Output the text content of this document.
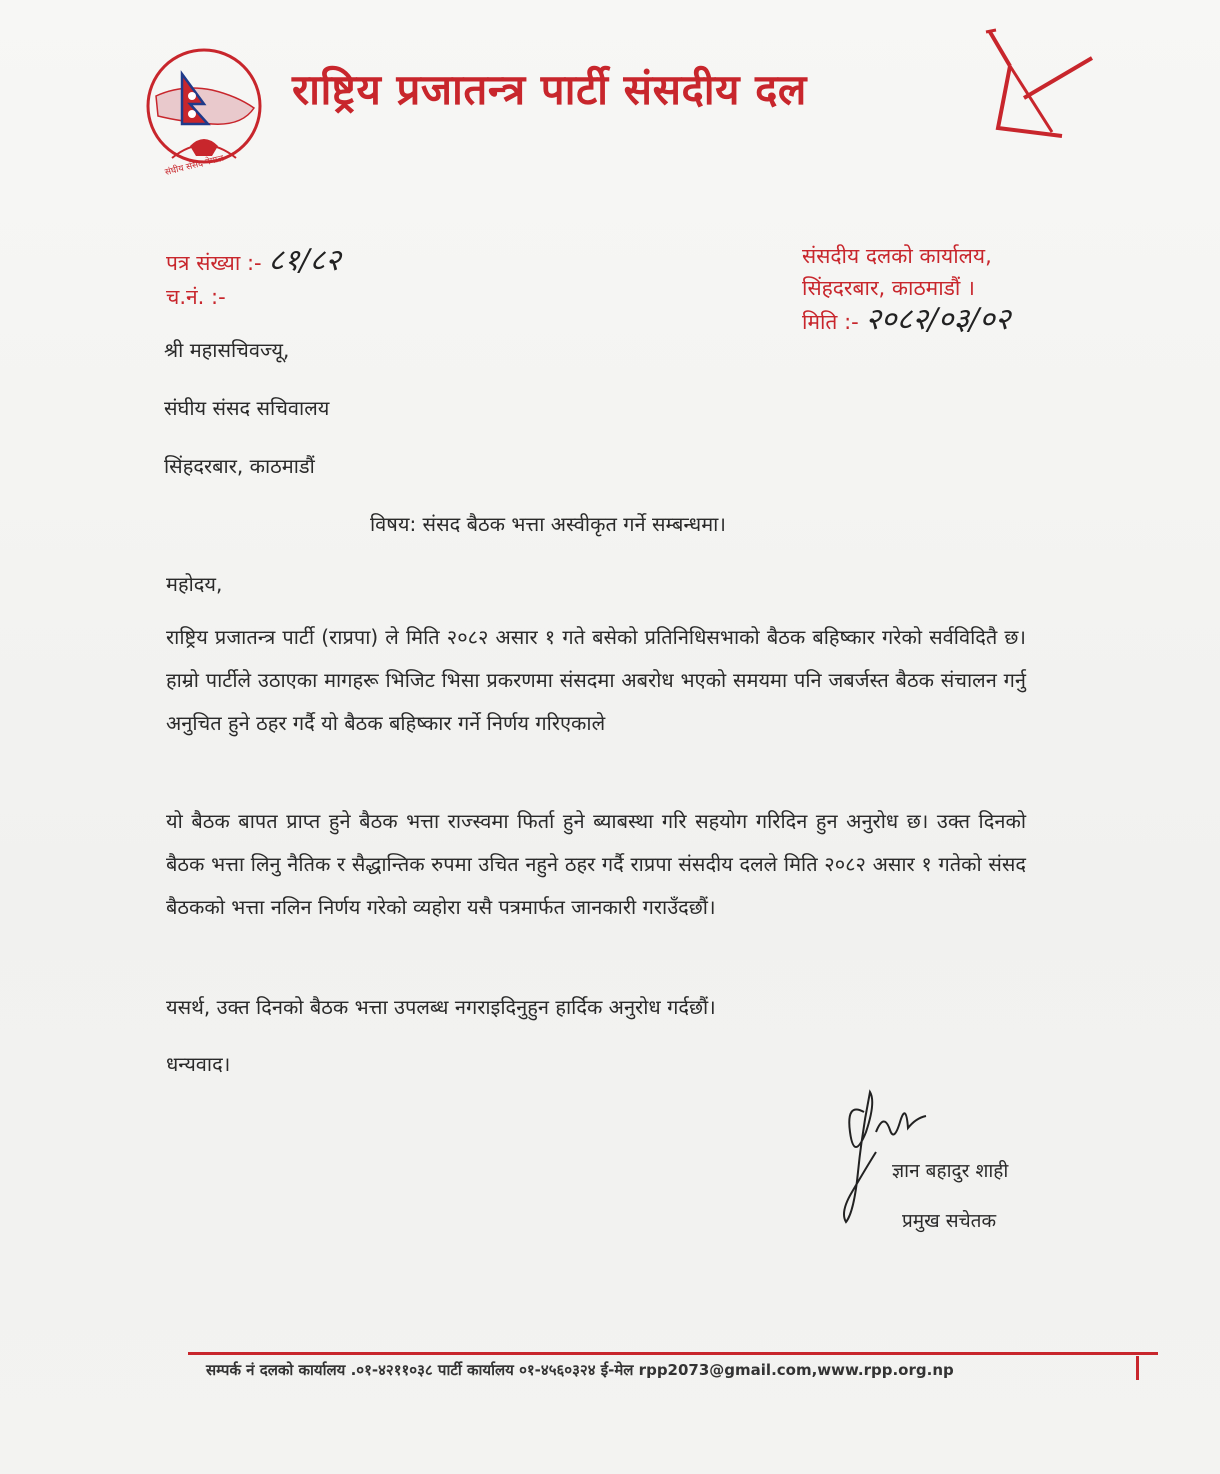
संघीय संसद नेपाल
राष्ट्रिय प्रजातन्त्र पार्टी संसदीय दल
पत्र संख्या :- ८१/८२
च.नं. :-
संसदीय दलको कार्यालय,
सिंहदरबार, काठमाडौं ।
मिति :- २०८२/०३/०२
श्री महासचिवज्यू,
संघीय संसद सचिवालय
सिंहदरबार, काठमाडौं
विषय: संसद बैठक भत्ता अस्वीकृत गर्ने सम्बन्धमा।
महोदय,
राष्ट्रिय प्रजातन्त्र पार्टी (राप्रपा) ले मिति २०८२ असार १ गते बसेको प्रतिनिधिसभाको बैठक बहिष्कार गरेको सर्वविदितै छ। हाम्रो पार्टीले उठाएका मागहरू भिजिट भिसा प्रकरणमा संसदमा अबरोध भएको समयमा पनि जबर्जस्त बैठक संचालन गर्नु अनुचित हुने ठहर गर्दै यो बैठक बहिष्कार गर्ने निर्णय गरिएकाले
यो बैठक बापत प्राप्त हुने बैठक भत्ता राज्स्वमा फिर्ता हुने ब्याबस्था गरि सहयोग गरिदिन हुन अनुरोध छ। उक्त दिनको बैठक भत्ता लिनु नैतिक र सैद्धान्तिक रुपमा उचित नहुने ठहर गर्दै राप्रपा संसदीय दलले मिति २०८२ असार १ गतेको संसद बैठकको भत्ता नलिन निर्णय गरेको व्यहोरा यसै पत्रमार्फत जानकारी गराउँदछौं।
यसर्थ, उक्त दिनको बैठक भत्ता उपलब्ध नगराइदिनुहुन हार्दिक अनुरोध गर्दछौं।
धन्यवाद।
ज्ञान बहादुर शाही
प्रमुख सचेतक
सम्पर्क नं दलको कार्यालय .०१-४२११०३८ पार्टी कार्यालय ०१-४५६०३२४ ई-मेल rpp2073@gmail.com,www.rpp.org.np
